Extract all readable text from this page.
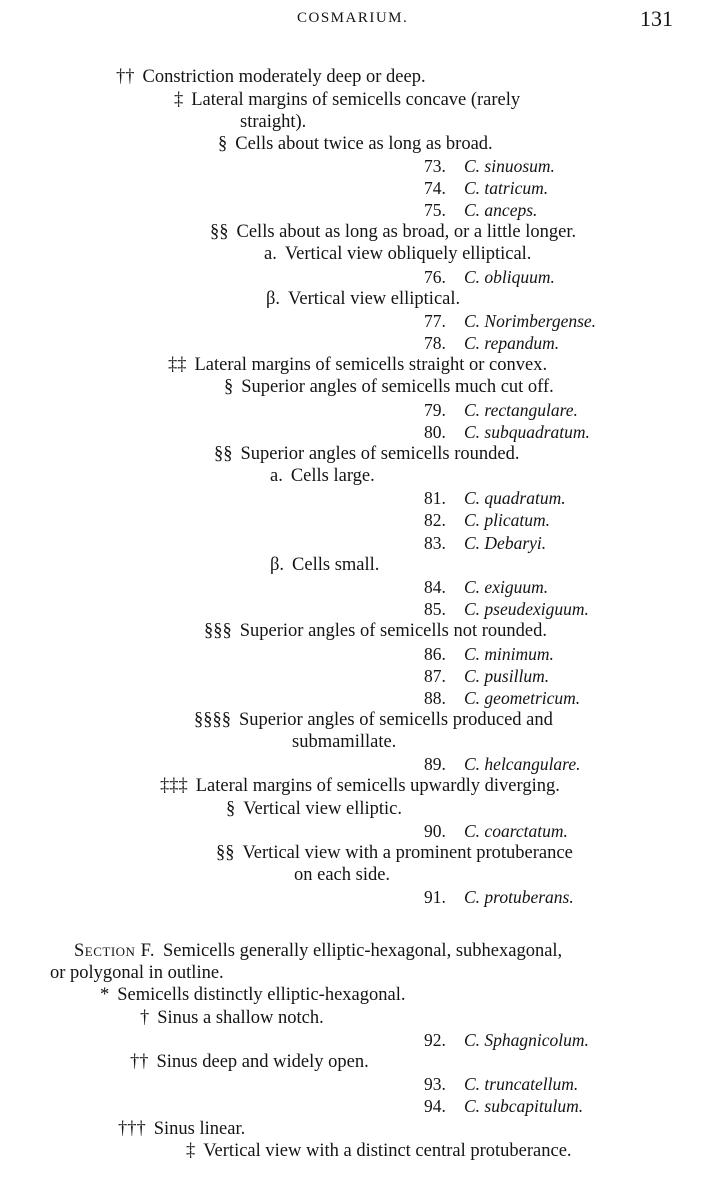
COSMARIUM.	131
†† Constriction moderately deep or deep.
‡ Lateral margins of semicells concave (rarely
straight).
§ Cells about twice as long as broad.
73. C. sinuosum.
74. C. tatricum.
75. C. anceps.
§§ Cells about as long as broad, or a little longer.
a. Vertical view obliquely elliptical.
76. C. obliquum.
β. Vertical view elliptical.
77. C. Norimbergense.
78. C. repandum.
‡‡ Lateral margins of semicells straight or convex.
§ Superior angles of semicells much cut off.
79. C. rectangulare.
80. C. subquadratum.
§§ Superior angles of semicells rounded.
a. Cells large.
81. C. quadratum.
82. C. plicatum.
83. C. Debaryi.
β. Cells small.
84. C. exiguum.
85. C. pseudexiguum.
§§§ Superior angles of semicells not rounded.
86. C. minimum.
87. C. pusillum.
88. C. geometricum.
§§§§ Superior angles of semicells produced and
submamillate.
89. C. helcangulare.
‡‡‡ Lateral margins of semicells upwardly diverging.
§ Vertical view elliptic.
90. C. coarctatum.
§§ Vertical view with a prominent protuberance
on each side.
91. C. protuberans.
Section F. Semicells generally elliptic-hexagonal, subhexagonal,
or polygonal in outline.
* Semicells distinctly elliptic-hexagonal.
† Sinus a shallow notch.
92. C. Sphagnicolum.
†† Sinus deep and widely open.
93. C. truncatellum.
94. C. subcapitulum.
††† Sinus linear.
‡ Vertical view with a distinct central protuberance.
